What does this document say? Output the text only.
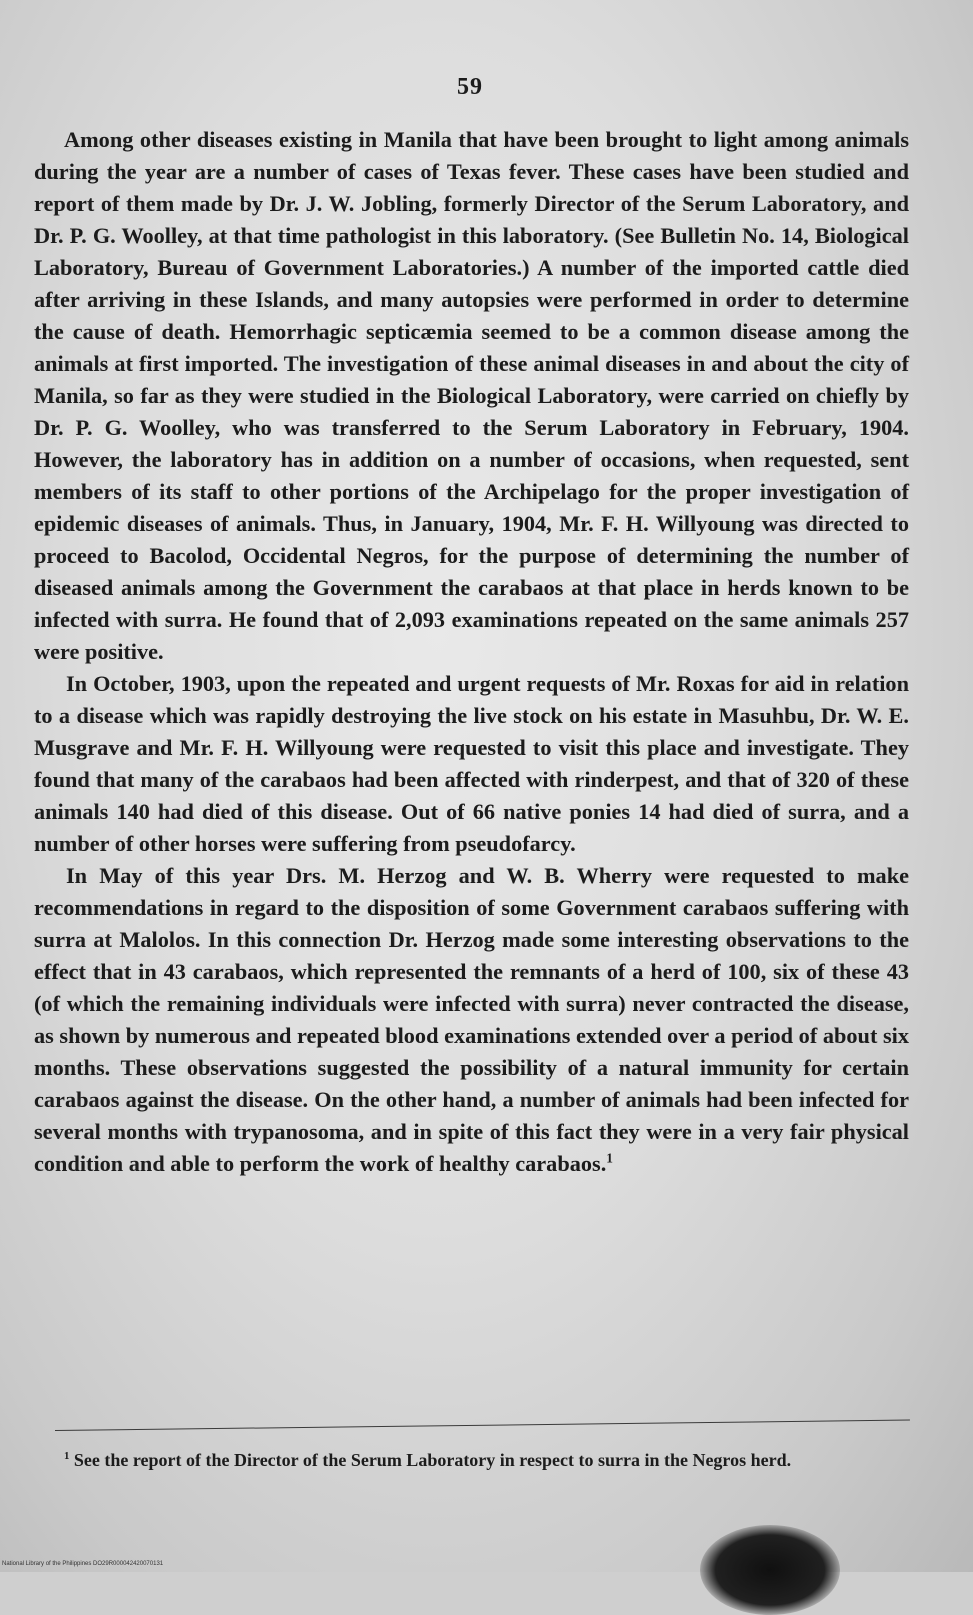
59

Among other diseases existing in Manila that have been brought to light among animals during the year are a number of cases of Texas fever. These cases have been studied and report of them made by Dr. J. W. Jobling, formerly Director of the Serum Laboratory, and Dr. P. G. Woolley, at that time pathologist in this laboratory. (See Bulletin No. 14, Biological Laboratory, Bureau of Government Laboratories.) A number of the imported cattle died after arriving in these Islands, and many autopsies were performed in order to determine the cause of death. Hemorrhagic septicæmia seemed to be a common disease among the animals at first imported. The investigation of these animal diseases in and about the city of Manila, so far as they were studied in the Biological Laboratory, were carried on chiefly by Dr. P. G. Woolley, who was transferred to the Serum Laboratory in February, 1904. However, the laboratory has in addition on a number of occasions, when requested, sent members of its staff to other portions of the Archipelago for the proper investigation of epidemic diseases of animals. Thus, in January, 1904, Mr. F. H. Willyoung was directed to proceed to Bacolod, Occidental Negros, for the purpose of determining the number of diseased animals among the Government the carabaos at that place in herds known to be infected with surra. He found that of 2,093 examinations repeated on the same animals 257 were positive.

In October, 1903, upon the repeated and urgent requests of Mr. Roxas for aid in relation to a disease which was rapidly destroying the live stock on his estate in Masuhbu, Dr. W. E. Musgrave and Mr. F. H. Willyoung were requested to visit this place and investigate. They found that many of the carabaos had been affected with rinderpest, and that of 320 of these animals 140 had died of this disease. Out of 66 native ponies 14 had died of surra, and a number of other horses were suffering from pseudofarcy.

In May of this year Drs. M. Herzog and W. B. Wherry were requested to make recommendations in regard to the disposition of some Government carabaos suffering with surra at Malolos. In this connection Dr. Herzog made some interesting observations to the effect that in 43 carabaos, which represented the remnants of a herd of 100, six of these 43 (of which the remaining individuals were infected with surra) never contracted the disease, as shown by numerous and repeated blood examinations extended over a period of about six months. These observations suggested the possibility of a natural immunity for certain carabaos against the disease. On the other hand, a number of animals had been infected for several months with trypanosoma, and in spite of this fact they were in a very fair physical condition and able to perform the work of healthy carabaos.$^1$

$^1$ See the report of the Director of the Serum Laboratory in respect to surra in the Negros herd.
National Library of the Philippines DO29R000042420070131
